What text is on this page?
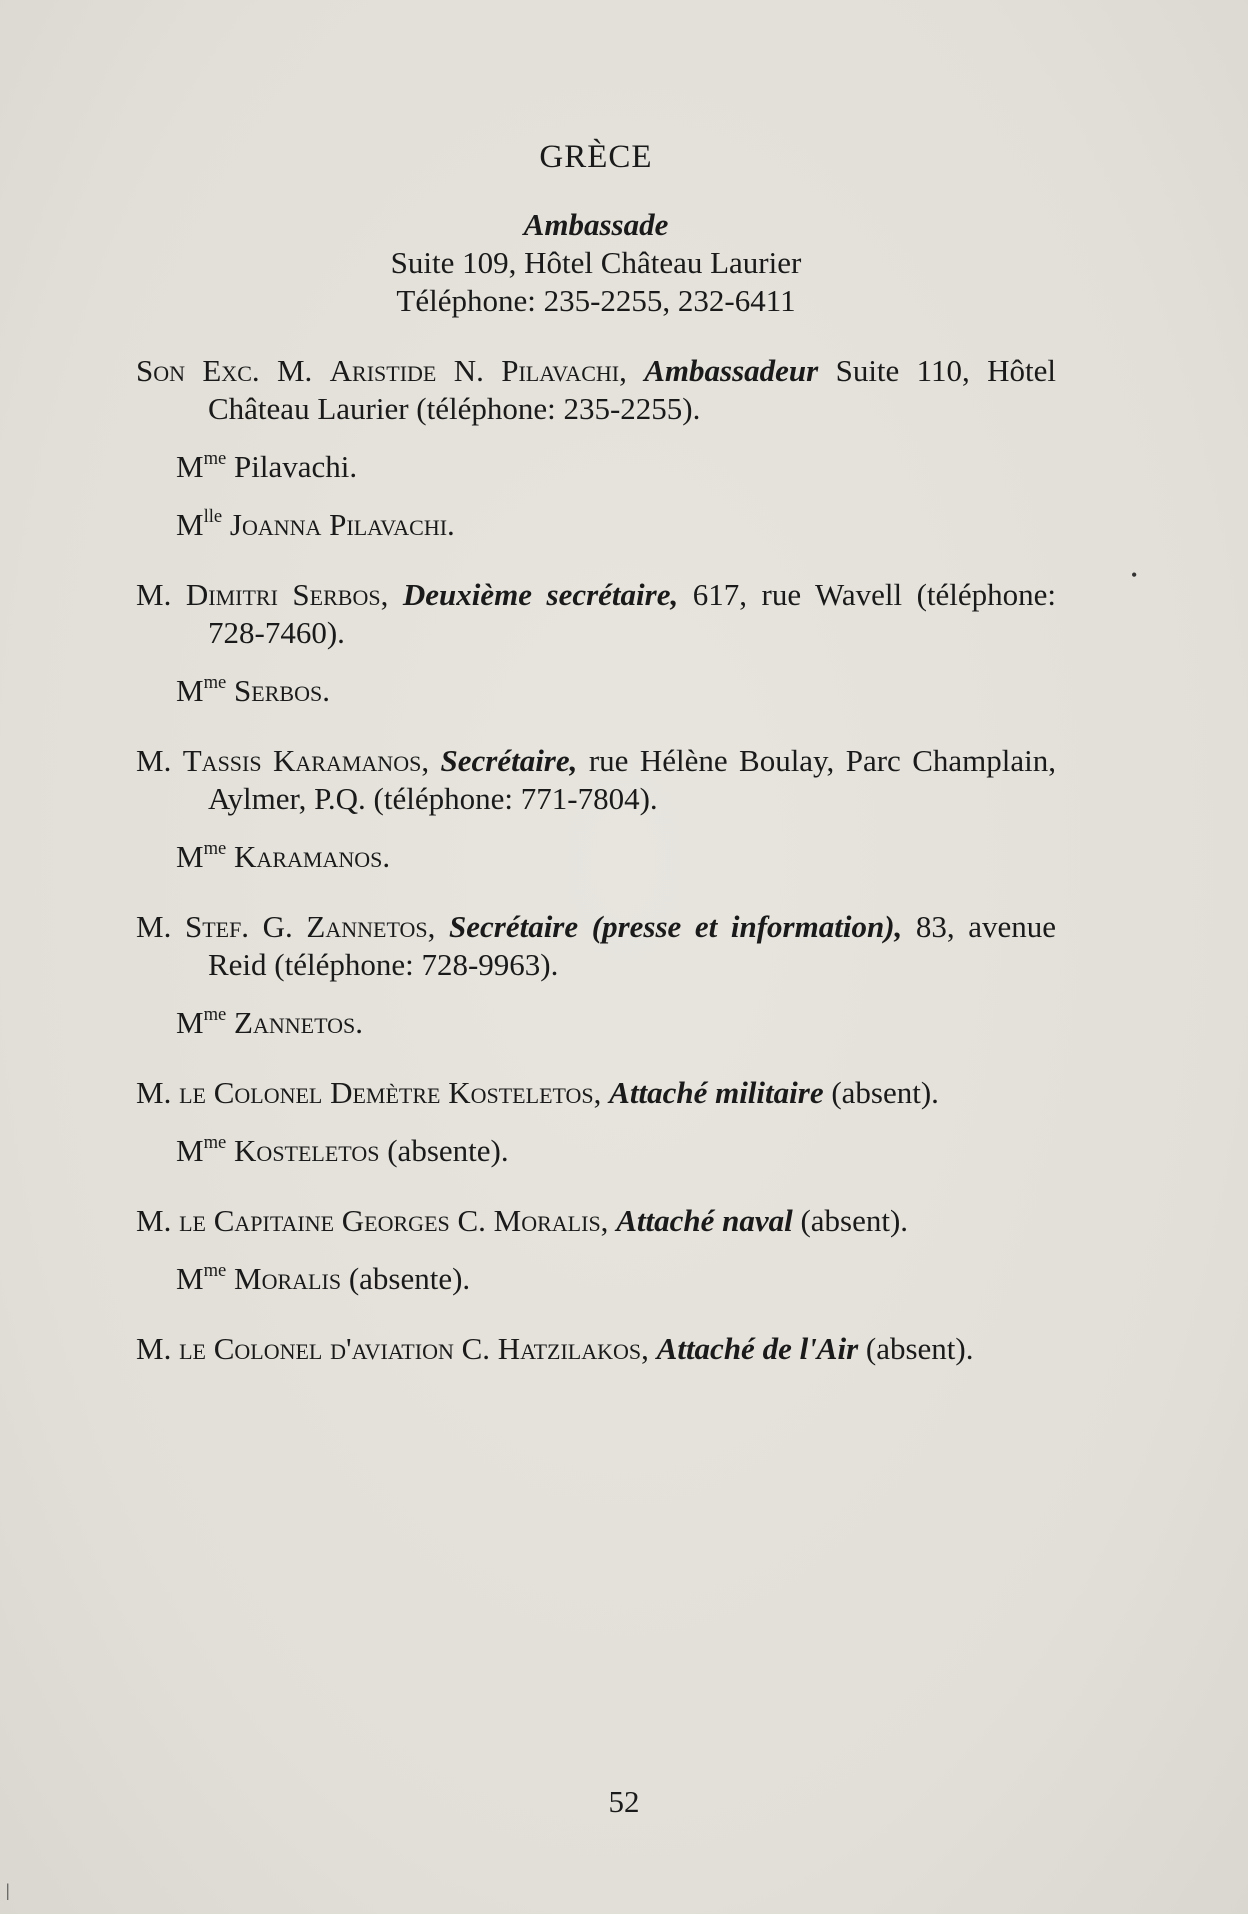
GRÈCE
Ambassade
Suite 109, Hôtel Château Laurier
Téléphone: 235-2255, 232-6411
Son Exc. M. Aristide N. Pilavachi, Ambassadeur Suite 110, Hôtel Château Laurier (téléphone: 235-2255).
$M^{me}$ Pilavachi.
$M^{lle}$ Joanna Pilavachi.
M. Dimitri Serbos, Deuxième secrétaire, 617, rue Wavell (téléphone: 728-7460).
$M^{me}$ Serbos.
M. Tassis Karamanos, Secrétaire, rue Hélène Boulay, Parc Champlain, Aylmer, P.Q. (téléphone: 771-7804).
$M^{me}$ Karamanos.
M. Stef. G. Zannetos, Secrétaire (presse et information), 83, avenue Reid (téléphone: 728-9963).
$M^{me}$ Zannetos.
M. le Colonel Demètre Kosteletos, Attaché militaire (absent).
$M^{me}$ Kosteletos (absente).
M. le Capitaine Georges C. Moralis, Attaché naval (absent).
$M^{me}$ Moralis (absente).
M. le Colonel d'aviation C. Hatzilakos, Attaché de l'Air (absent).
52
•
|
